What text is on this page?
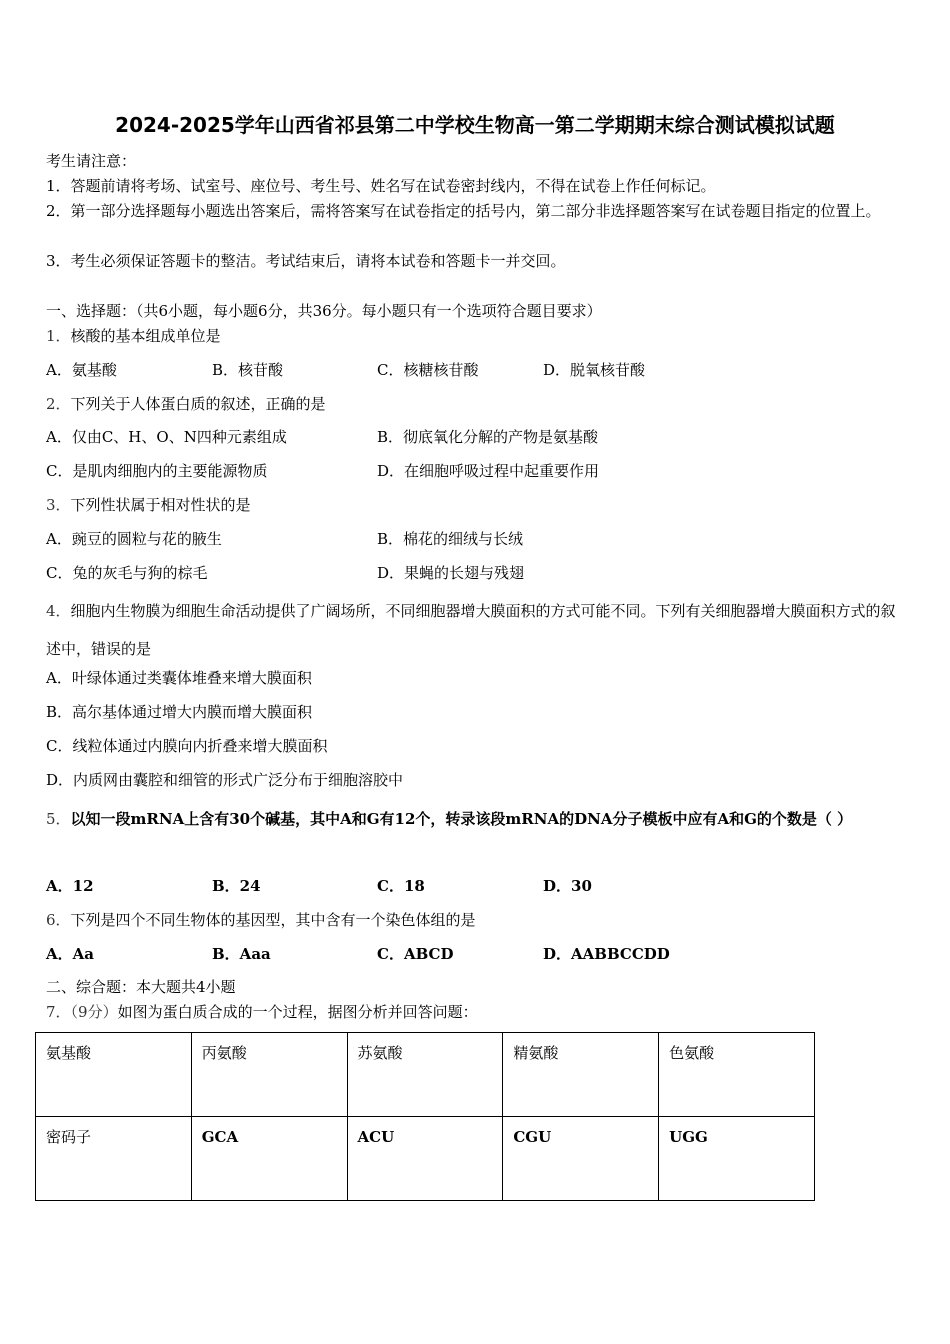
2024-2025学年山西省祁县第二中学校生物高一第二学期期末综合测试模拟试题
考生请注意：
1．答题前请将考场、试室号、座位号、考生号、姓名写在试卷密封线内，不得在试卷上作任何标记。
2．第一部分选择题每小题选出答案后，需将答案写在试卷指定的括号内，第二部分非选择题答案写在试卷题目指定的位置上。
3．考生必须保证答题卡的整洁。考试结束后，请将本试卷和答题卡一并交回。
一、选择题：（共6小题，每小题6分，共36分。每小题只有一个选项符合题目要求）
1．核酸的基本组成单位是
A．氨基酸	B．核苷酸	C．核糖核苷酸	D．脱氧核苷酸
2．下列关于人体蛋白质的叙述，正确的是
A．仅由C、H、O、N四种元素组成	B．彻底氧化分解的产物是氨基酸
C．是肌肉细胞内的主要能源物质	D．在细胞呼吸过程中起重要作用
3．下列性状属于相对性状的是
A．豌豆的圆粒与花的腋生	B．棉花的细绒与长绒
C．兔的灰毛与狗的棕毛	D．果蝇的长翅与残翅
4．细胞内生物膜为细胞生命活动提供了广阔场所，不同细胞器增大膜面积的方式可能不同。下列有关细胞器增大膜面积方式的叙述中，错误的是
A．叶绿体通过类囊体堆叠来增大膜面积
B．高尔基体通过增大内膜而增大膜面积
C．线粒体通过内膜向内折叠来增大膜面积
D．内质网由囊腔和细管的形式广泛分布于细胞溶胶中
5．以知一段mRNA上含有30个碱基，其中A和G有12个，转录该段mRNA的DNA分子模板中应有A和G的个数是（ ）
A．12	B．24	C．18	D．30
6．下列是四个不同生物体的基因型，其中含有一个染色体组的是
A．Aa	B．Aaa	C．ABCD	D．AABBCCDD
二、综合题：本大题共4小题
7．（9分）如图为蛋白质合成的一个过程，据图分析并回答问题：
氨基酸	丙氨酸	苏氨酸	精氨酸	色氨酸
密码子	GCA	ACU	CGU	UGG
